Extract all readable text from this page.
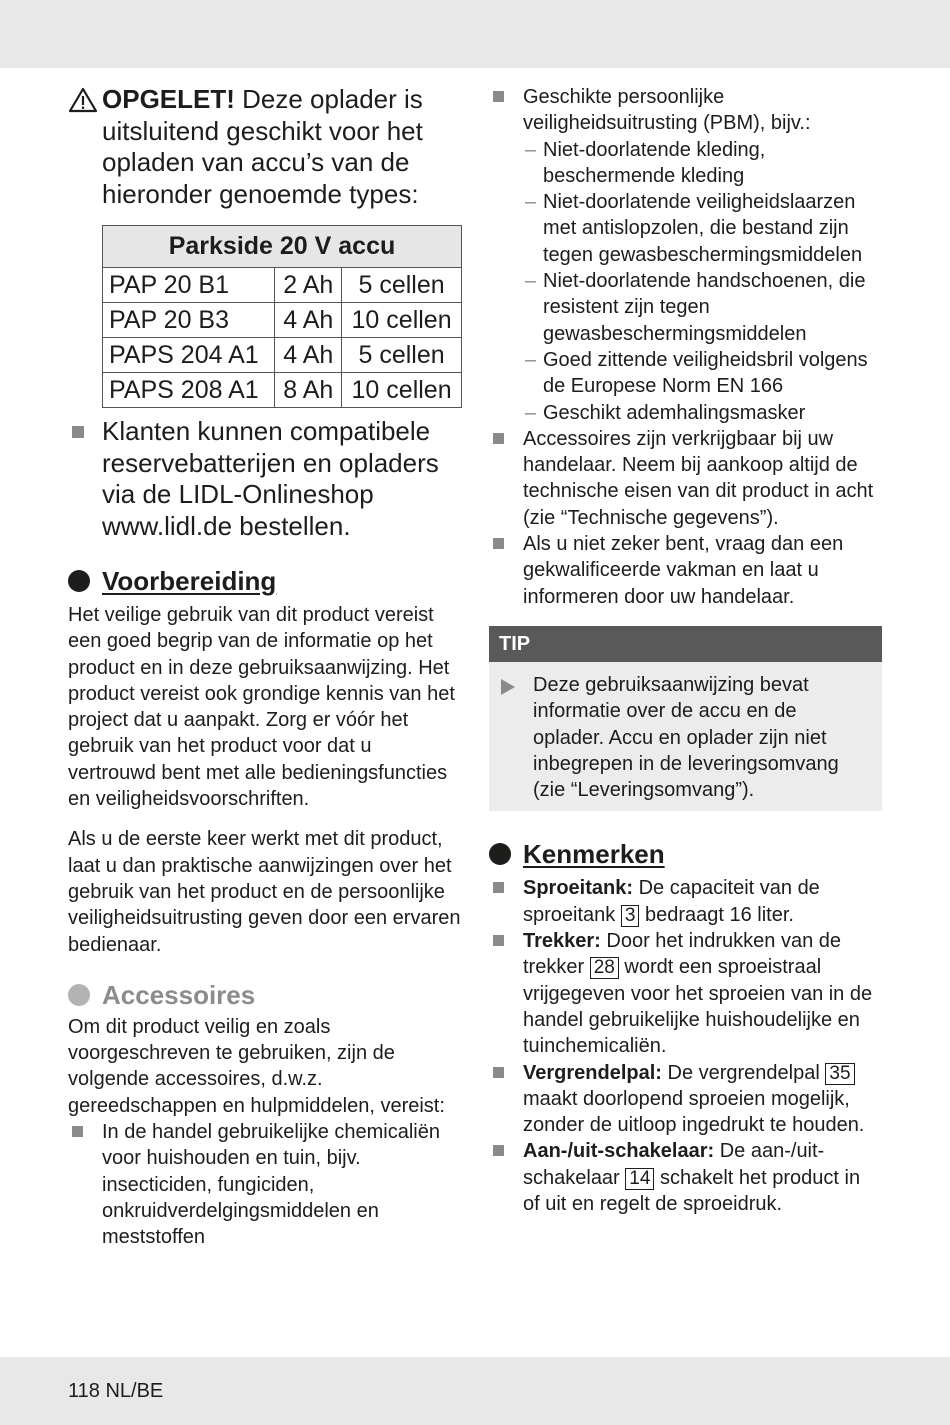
OPGELET! Deze oplader is uitsluitend geschikt voor het opladen van accu’s van de hieronder genoemde types:
Parkside 20 V accu		
PAP 20 B1	2 Ah	5 cellen
PAP 20 B3	4 Ah	10 cellen
PAPS 204 A1	4 Ah	5 cellen
PAPS 208 A1	8 Ah	10 cellen
Klanten kunnen compatibele reservebatterijen en opladers via de LIDL-Onlineshop www.lidl.de bestellen.
Voorbereiding

Het veilige gebruik van dit product vereist een goed begrip van de informatie op het product en in deze gebruiksaanwijzing. Het product vereist ook grondige kennis van het project dat u aanpakt. Zorg er vóór het gebruik van het product voor dat u vertrouwd bent met alle bedieningsfuncties en veiligheidsvoorschriften.

Als u de eerste keer werkt met dit product, laat u dan praktische aanwijzingen over het gebruik van het product en de persoonlijke veiligheidsuitrusting geven door een ervaren bedienaar.

Accessoires

Om dit product veilig en zoals voorgeschreven te gebruiken, zijn de volgende accessoires, d.w.z. gereedschappen en hulpmiddelen, vereist:

In de handel gebruikelijke chemicaliën voor huishouden en tuin, bijv. insecticiden, fungiciden, onkruidverdelgingsmiddelen en meststoffen
Geschikte persoonlijke veiligheidsuitrusting (PBM), bijv.:
– Niet-doorlatende kleding, beschermende kleding
– Niet-doorlatende veiligheidslaarzen met antislopzolen, die bestand zijn tegen gewasbeschermingsmiddelen
– Niet-doorlatende handschoenen, die resistent zijn tegen gewasbeschermingsmiddelen
– Goed zittende veiligheidsbril volgens de Europese Norm EN 166
– Geschikt ademhalingsmasker
Accessoires zijn verkrijgbaar bij uw handelaar. Neem bij aankoop altijd de technische eisen van dit product in acht (zie “Technische gegevens”).
Als u niet zeker bent, vraag dan een gekwalificeerde vakman en laat u informeren door uw handelaar.
TIP
Deze gebruiksaanwijzing bevat informatie over de accu en de oplader. Accu en oplader zijn niet inbegrepen in de leveringsomvang (zie “Leveringsomvang”).
Kenmerken
Sproeitank: De capaciteit van de sproeitank 3 bedraagt 16 liter.
Trekker: Door het indrukken van de trekker 28 wordt een sproeistraal vrijgegeven voor het sproeien van in de handel gebruikelijke huishoudelijke en tuinchemicaliën.
Vergrendelpal: De vergrendelpal 35 maakt doorlopend sproeien mogelijk, zonder de uitloop ingedrukt te houden.
Aan-/uit-schakelaar: De aan-/uit-schakelaar 14 schakelt het product in of uit en regelt de sproeidruk.
118 NL/BE
